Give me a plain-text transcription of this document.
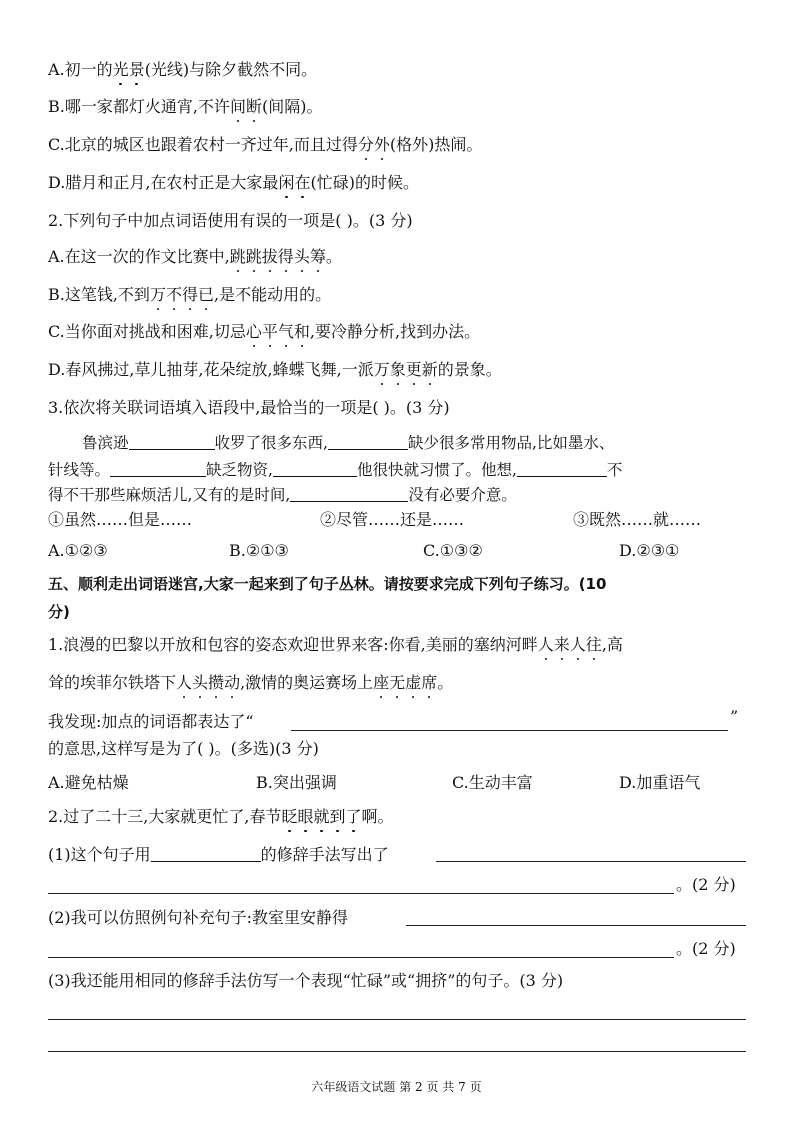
A.初一的光景(光线)与除夕截然不同。
B.哪一家都灯火通宵,不许间断(间隔)。
C.北京的城区也跟着农村一齐过年,而且过得分外(格外)热闹。
D.腊月和正月,在农村正是大家最闲在(忙碌)的时候。
2.下列句子中加点词语使用有误的一项是( )。(3 分)
A.在这一次的作文比赛中,跳跳拔得头筹。
B.这笔钱,不到万不得已,是不能动用的。
C.当你面对挑战和困难,切忌心平气和,要冷静分析,找到办法。
D.春风拂过,草儿抽芽,花朵绽放,蜂蝶飞舞,一派万象更新的景象。
3.依次将关联词语填入语段中,最恰当的一项是( )。(3 分)
鲁滨逊	收罗了很多东西,	缺少很多常用物品,比如墨水、
针线等。	缺乏物资,	他很快就习惯了。他想,	不
得不干那些麻烦活儿,又有的是时间,	没有必要介意。
①虽然……但是……	②尽管……还是……	③既然……就……
A.①②③	B.②①③	C.①③②	D.②③①
五、顺利走出词语迷宫,大家一起来到了句子丛林。请按要求完成下列句子练习。(10
分)
1.浪漫的巴黎以开放和包容的姿态欢迎世界来客:你看,美丽的塞纳河畔人来人往,高
耸的埃菲尔铁塔下人头攒动,激情的奥运赛场上座无虚席。
我发现:加点的词语都表达了“	”
的意思,这样写是为了( )。(多选)(3 分)
A.避免枯燥	B.突出强调	C.生动丰富	D.加重语气
2.过了二十三,大家就更忙了,春节眨眼就到了啊。
(1)这个句子用	的修辞手法写出了
。(2 分)
(2)我可以仿照例句补充句子:教室里安静得
。(2 分)
(3)我还能用相同的修辞手法仿写一个表现“忙碌”或“拥挤”的句子。(3 分)
六年级语文试题 第 2 页 共 7 页
